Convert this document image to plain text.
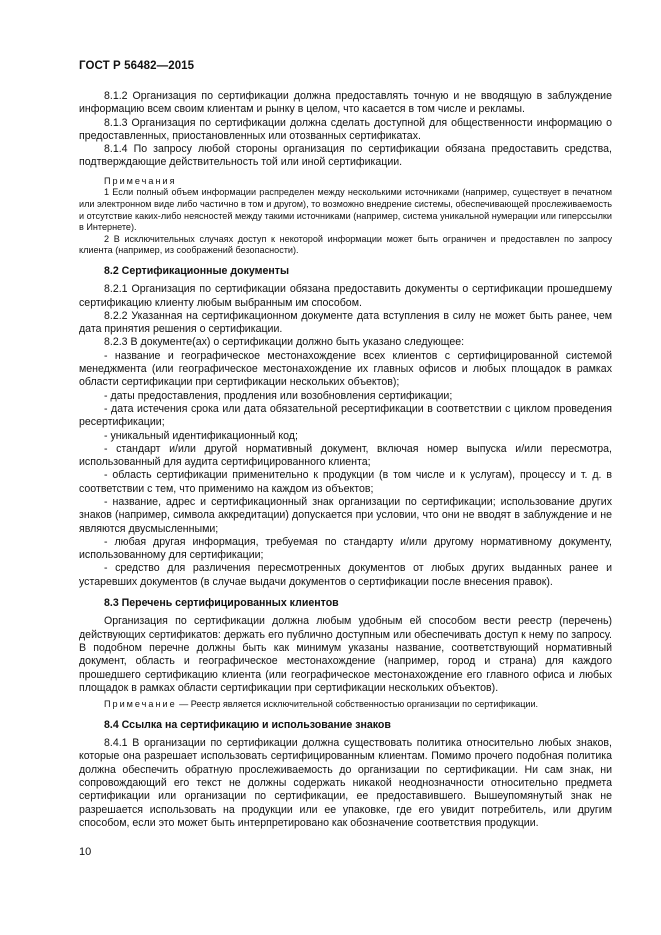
ГОСТ Р 56482—2015

8.1.2 Организация по сертификации должна предоставлять точную и не вводящую в заблуждение информацию всем своим клиентам и рынку в целом, что касается в том числе и рекламы.

8.1.3 Организация по сертификации должна сделать доступной для общественности информацию о предоставленных, приостановленных или отозванных сертификатах.

8.1.4 По запросу любой стороны организация по сертификации обязана предоставить средства, подтверждающие действительность той или иной сертификации.

Примечания

1 Если полный объем информации распределен между несколькими источниками (например, существует в печатном или электронном виде либо частично в том и другом), то возможно внедрение системы, обеспечивающей прослеживаемость и отсутствие каких-либо неясностей между такими источниками (например, система уникальной нумерации или гиперссылки в Интернете).

2 В исключительных случаях доступ к некоторой информации может быть ограничен и предоставлен по запросу клиента (например, из соображений безопасности).

8.2 Сертификационные документы

8.2.1 Организация по сертификации обязана предоставить документы о сертификации прошедшему сертификацию клиенту любым выбранным им способом.

8.2.2 Указанная на сертификационном документе дата вступления в силу не может быть ранее, чем дата принятия решения о сертификации.

8.2.3 В документе(ах) о сертификации должно быть указано следующее:

- название и географическое местонахождение всех клиентов с сертифицированной системой менеджмента (или географическое местонахождение их главных офисов и любых площадок в рамках области сертификации при сертификации нескольких объектов);

- даты предоставления, продления или возобновления сертификации;

- дата истечения срока или дата обязательной ресертификации в соответствии с циклом проведения ресертификации;

- уникальный идентификационный код;

- стандарт и/или другой нормативный документ, включая номер выпуска и/или пересмотра, использованный для аудита сертифицированного клиента;

- область сертификации применительно к продукции (в том числе и к услугам), процессу и т. д. в соответствии с тем, что применимо на каждом из объектов;

- название, адрес и сертификационный знак организации по сертификации; использование других знаков (например, символа аккредитации) допускается при условии, что они не вводят в заблуждение и не являются двусмысленными;

- любая другая информация, требуемая по стандарту и/или другому нормативному документу, использованному для сертификации;

- средство для различения пересмотренных документов от любых других выданных ранее и устаревших документов (в случае выдачи документов о сертификации после внесения правок).

8.3 Перечень сертифицированных клиентов

Организация по сертификации должна любым удобным ей способом вести реестр (перечень) действующих сертификатов: держать его публично доступным или обеспечивать доступ к нему по запросу. В подобном перечне должны быть как минимум указаны название, соответствующий нормативный документ, область и географическое местонахождение (например, город и страна) для каждого прошедшего сертификацию клиента (или географическое местонахождение его главного офиса и любых площадок в рамках области сертификации при сертификации нескольких объектов).

Примечание — Реестр является исключительной собственностью организации по сертификации.

8.4 Ссылка на сертификацию и использование знаков

8.4.1 В организации по сертификации должна существовать политика относительно любых знаков, которые она разрешает использовать сертифицированным клиентам. Помимо прочего подобная политика должна обеспечить обратную прослеживаемость до организации по сертификации. Ни сам знак, ни сопровождающий его текст не должны содержать никакой неоднозначности относительно предмета сертификации или организации по сертификации, ее предоставившего. Вышеупомянутый знак не разрешается использовать на продукции или ее упаковке, где его увидит потребитель, или другим способом, если это может быть интерпретировано как обозначение соответствия продукции.

10
